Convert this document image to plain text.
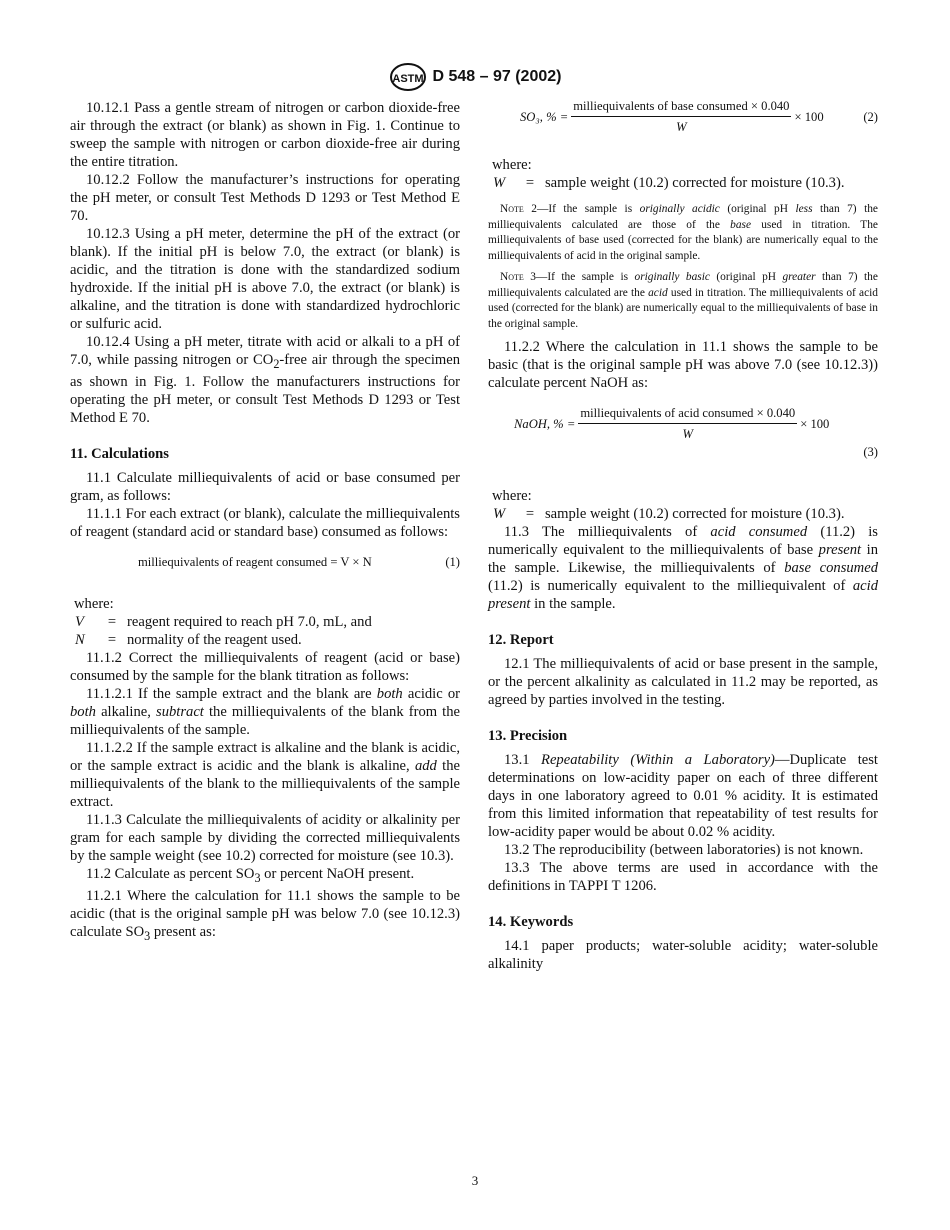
ASTM D 548 – 97 (2002)

10.12.1 Pass a gentle stream of nitrogen or carbon dioxide-free air through the extract (or blank) as shown in Fig. 1. Continue to sweep the sample with nitrogen or carbon dioxide-free air during the entire titration.

10.12.2 Follow the manufacturer’s instructions for operating the pH meter, or consult Test Methods D 1293 or Test Method E 70.

10.12.3 Using a pH meter, determine the pH of the extract (or blank). If the initial pH is below 7.0, the extract (or blank) is acidic, and the titration is done with the standardized sodium hydroxide. If the initial pH is above 7.0, the extract (or blank) is alkaline, and the titration is done with standardized hydrochloric or sulfuric acid.

10.12.4 Using a pH meter, titrate with acid or alkali to a pH of 7.0, while passing nitrogen or $CO_2$-free air through the specimen as shown in Fig. 1. Follow the manufacturers instructions for operating the pH meter, or consult Test Methods D 1293 or Test Method E 70.

11. Calculations

11.1 Calculate milliequivalents of acid or base consumed per gram, as follows:

11.1.1 For each extract (or blank), calculate the milliequivalents of reagent (standard acid or standard base) consumed as follows:

milliequivalents of reagent consumed = V × N	(1)
where:
V	= reagent required to reach pH 7.0, mL, and
N	= normality of the reagent used.

11.1.2 Correct the milliequivalents of reagent (acid or base) consumed by the sample for the blank titration as follows:

11.1.2.1 If the sample extract and the blank are both acidic or both alkaline, subtract the milliequivalents of the blank from the milliequivalents of the sample.

11.1.2.2 If the sample extract is alkaline and the blank is acidic, or the sample extract is acidic and the blank is alkaline, add the milliequivalents of the blank to the milliequivalents of the sample extract.

11.1.3 Calculate the milliequivalents of acidity or alkalinity per gram for each sample by dividing the corrected milliequivalents by the sample weight (see 10.2) corrected for moisture (see 10.3).

11.2 Calculate as percent $SO_3$ or percent NaOH present.

11.2.1 Where the calculation for 11.1 shows the sample to be acidic (that is the original sample pH was below 7.0 (see 10.12.3) calculate $SO_3$ present as:

SO₃, % = $\frac{\text{milliequivalents of base consumed × 0.040}}{W} \times 100$	(2)
where:
W	= sample weight (10.2) corrected for moisture (10.3).

Note 2—If the sample is originally acidic (original pH less than 7) the milliequivalents calculated are those of the base used in titration. The milliequivalents of base used (corrected for the blank) are numerically equal to the milliequivalents of acid in the original sample.

Note 3—If the sample is originally basic (original pH greater than 7) the milliequivalents calculated are the acid used in titration. The milliequivalents of acid used (corrected for the blank) are numerically equal to the milliequivalents of base in the original sample.

11.2.2 Where the calculation in 11.1 shows the sample to be basic (that is the original sample pH was above 7.0 (see 10.12.3)) calculate percent NaOH as:

NaOH, % = $\frac{\text{milliequivalents of acid consumed × 0.040}}{W} \times 100$
(3)
where:
W	= sample weight (10.2) corrected for moisture (10.3).

11.3 The milliequivalents of acid consumed (11.2) is numerically equivalent to the milliequivalents of base present in the sample. Likewise, the milliequivalents of base consumed (11.2) is numerically equivalent to the milliequivalent of acid present in the sample.

12. Report

12.1 The milliequivalents of acid or base present in the sample, or the percent alkalinity as calculated in 11.2 may be reported, as agreed by parties involved in the testing.

13. Precision

13.1 Repeatability (Within a Laboratory)—Duplicate test determinations on low-acidity paper on each of three different days in one laboratory agreed to 0.01 % acidity. It is estimated from this limited information that repeatability of test results for low-acidity paper would be about 0.02 % acidity.

13.2 The reproducibility (between laboratories) is not known.

13.3 The above terms are used in accordance with the definitions in TAPPI T 1206.

14. Keywords

14.1 paper products; water-soluble acidity; water-soluble alkalinity

3
